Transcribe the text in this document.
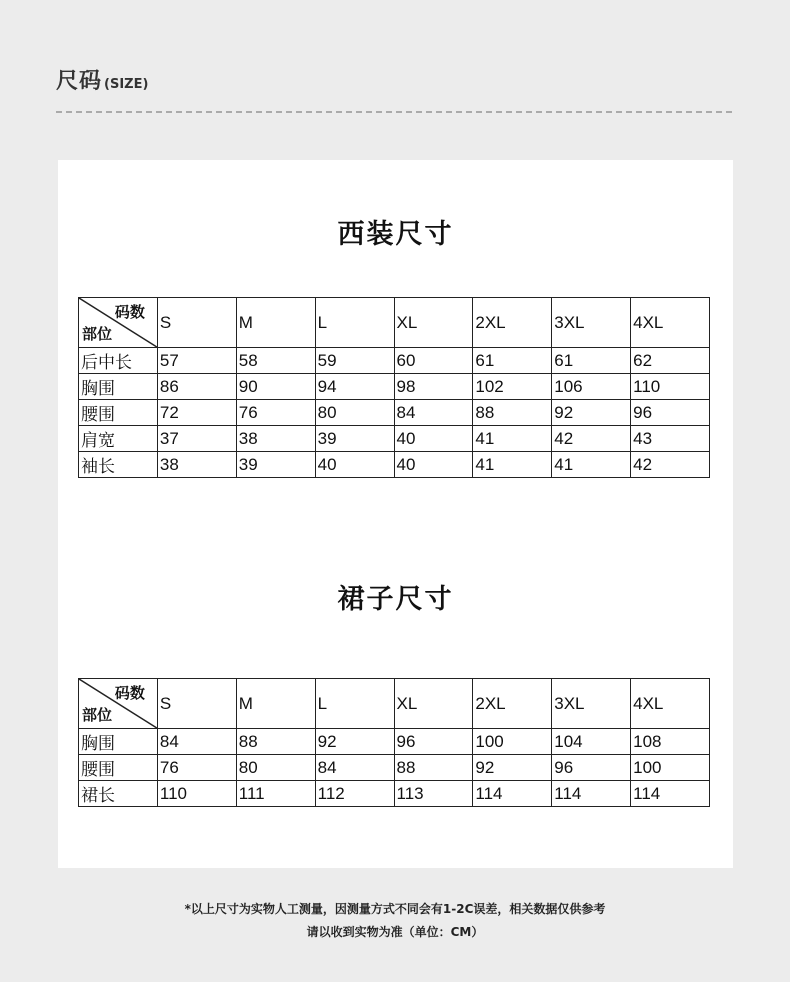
尺码 (SIZE)
西装尺寸
码数
部位	S	M	L	XL	2XL	3XL	4XL
后中长	57	58	59	60	61	61	62
胸围	86	90	94	98	102	106	110
腰围	72	76	80	84	88	92	96
肩宽	37	38	39	40	41	42	43
袖长	38	39	40	40	41	41	42
裙子尺寸
码数
部位	S	M	L	XL	2XL	3XL	4XL
胸围	84	88	92	96	100	104	108
腰围	76	80	84	88	92	96	100
裙长	110	111	112	113	114	114	114
*以上尺寸为实物人工测量，因测量方式不同会有1-2C误差，相关数据仅供参考
请以收到实物为准（单位：CM）
